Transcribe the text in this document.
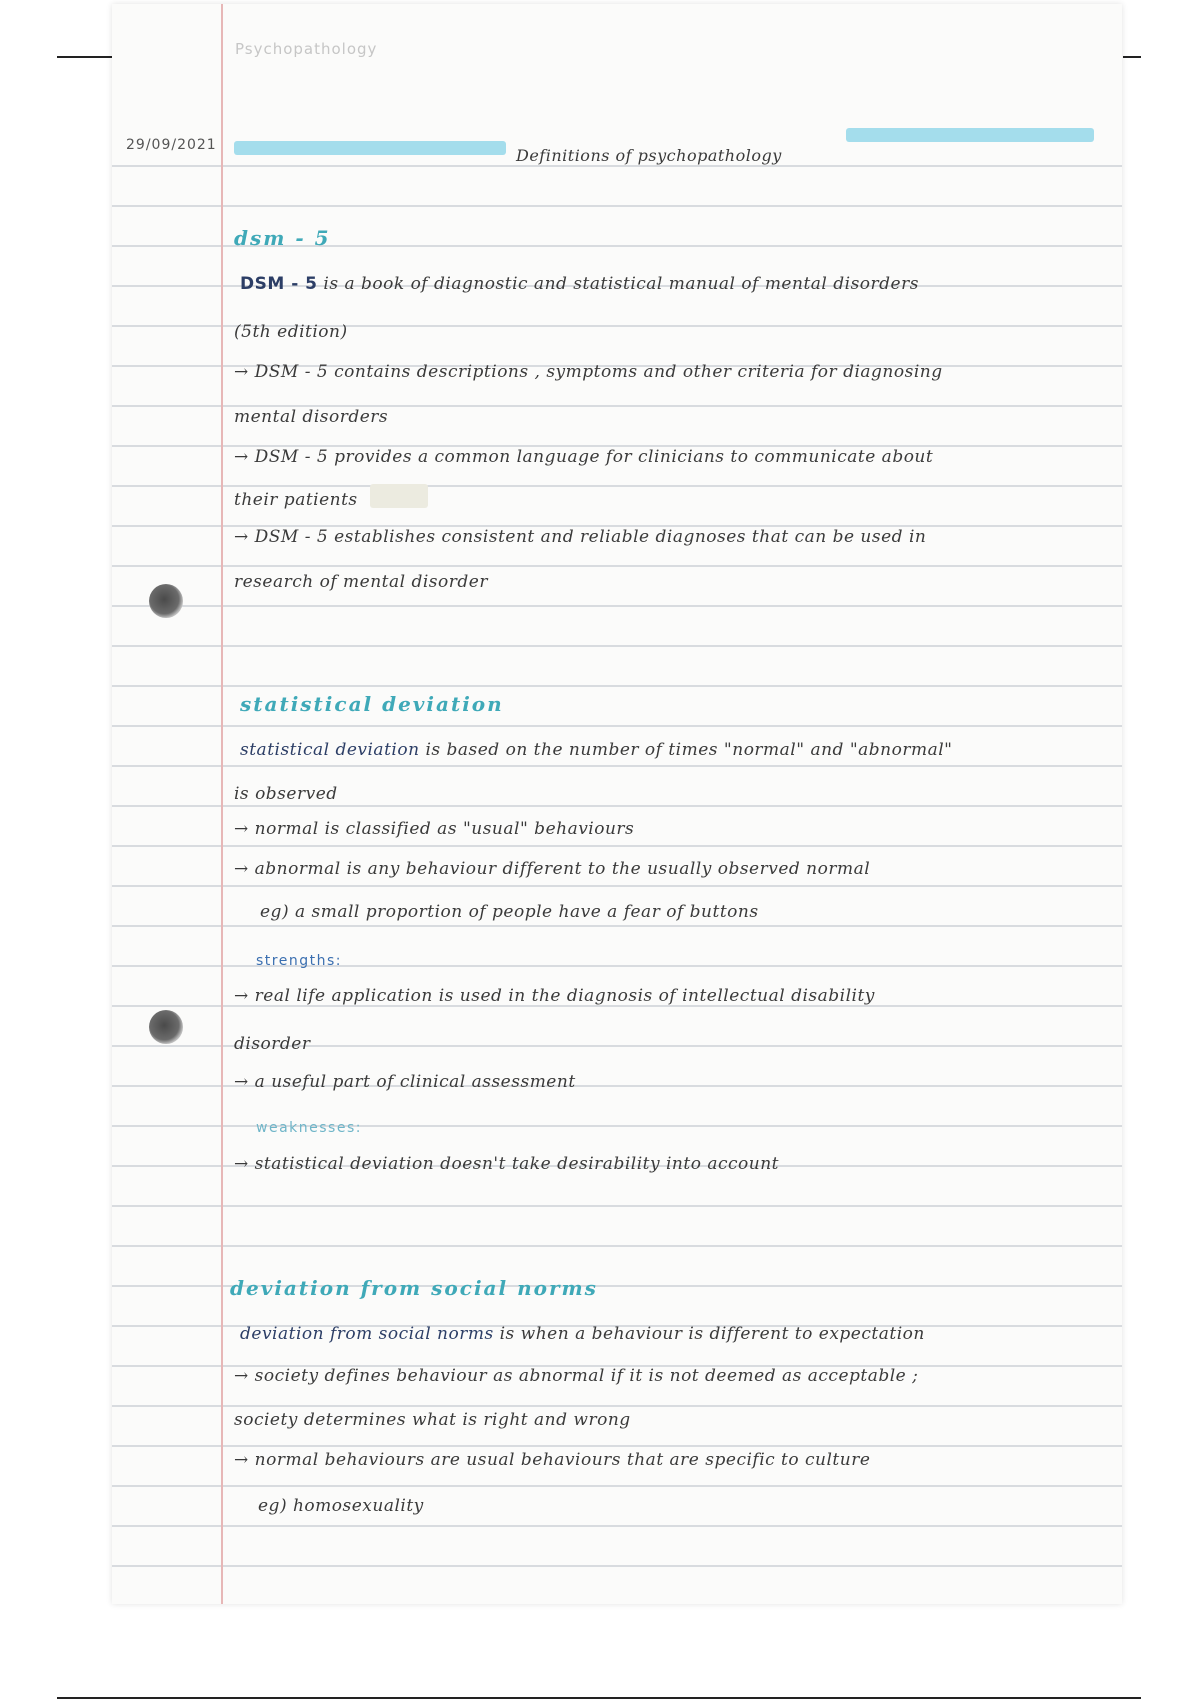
Psychopathology
29/09/2021
Definitions of psychopathology
dsm - 5
DSM - 5 is a book of diagnostic and statistical manual of mental disorders
(5th edition)
→ DSM - 5 contains descriptions , symptoms and other criteria for diagnosing
mental disorders
→ DSM - 5 provides a common language for clinicians to communicate about
their patients
→ DSM - 5 establishes consistent and reliable diagnoses that can be used in
research of mental disorder
statistical deviation
statistical deviation is based on the number of times "normal" and "abnormal"
is observed
→ normal is classified as "usual" behaviours
→ abnormal is any behaviour different to the usually observed normal
eg) a small proportion of people have a fear of buttons
strengths:
→ real life application is used in the diagnosis of intellectual disability
disorder
→ a useful part of clinical assessment
weaknesses:
→ statistical deviation doesn't take desirability into account
deviation from social norms
deviation from social norms is when a behaviour is different to expectation
→ society defines behaviour as abnormal if it is not deemed as acceptable ;
society determines what is right and wrong
→ normal behaviours are usual behaviours that are specific to culture
eg) homosexuality
